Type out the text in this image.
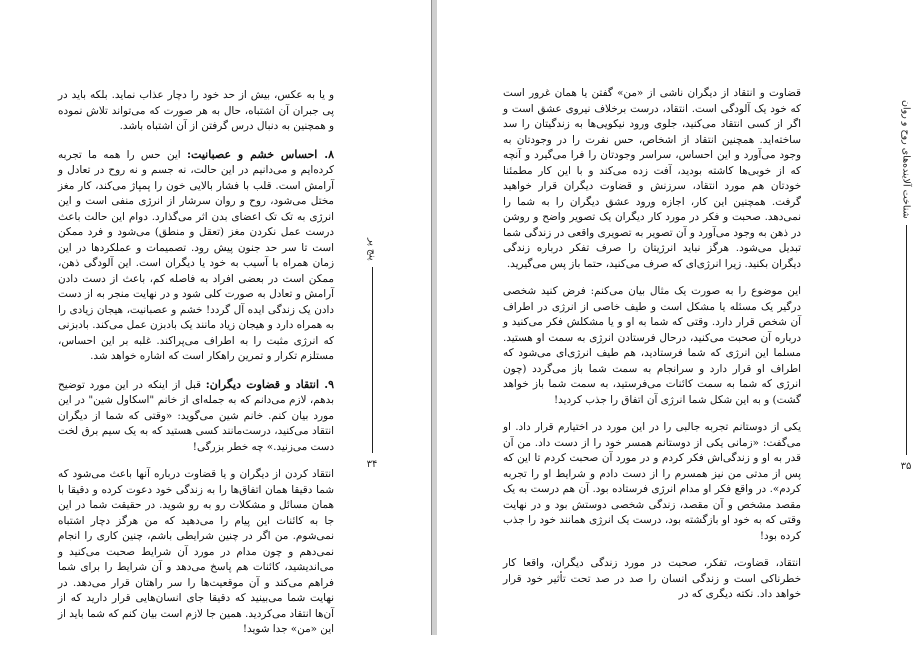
و یا به عکس، بیش از حد خود را دچار عذاب نماید. بلکه باید در پی جبران آن اشتباه، حال به هر صورت که می‌تواند تلاش نموده و همچنین به دنبال درس گرفتن از آن اشتباه باشد.

۸. احساس خشم و عصبانیت: این حس را همه ما تجربه کرده‌ایم و می‌دانیم در این حالت، نه جسم و نه روح در تعادل و آرامش است. قلب با فشار بالایی خون را پمپاژ می‌کند، کار مغز مختل می‌شود، روح و روان سرشار از انرژی منفی است و این انرژی به تک تک اعضای بدن اثر می‌گذارد. دوام این حالت باعث درست عمل نکردن مغز (تعقل و منطق) می‌شود و فرد ممکن است تا سر حد جنون پیش رود. تصمیمات و عملکردها در این زمان همراه با آسیب به خود یا دیگران است. این آلودگی ذهن، ممکن است در بعضی افراد به فاصله کم، باعث از دست دادن آرامش و تعادل به صورت کلی شود و در نهایت منجر به از دست دادن یک زندگی ایده آل گردد! خشم و عصبانیت، هیجان زیادی را به همراه دارد و هیجان زیاد مانند یک بادبزن عمل می‌کند. بادبزنی که انرژی مثبت را به اطراف می‌پراکند. غلبه بر این احساس، مستلزم تکرار و تمرین راهکار است که اشاره خواهد شد.

۹. انتقاد و قضاوت دیگران: قبل از اینکه در این مورد توضیح بدهم، لازم می‌دانم که به جمله‌ای از خانم "اسکاول شین" در این مورد بیان کنم. خانم شین می‌گوید: «وقتی که شما از دیگران انتقاد می‌کنید، درست‌مانند کسی هستید که به یک سیم برق لخت دست می‌زنید.» چه خطر بزرگی!

انتقاد کردن از دیگران و یا قضاوت درباره آنها باعث می‌شود که شما دقیقا همان اتفاق‌ها را به زندگی خود دعوت کرده و دقیقا با همان مسائل و مشکلات رو به رو شوید. در حقیقت شما در این جا به کائنات این پیام را می‌دهید که من هرگز دچار اشتباه نمی‌شوم. من اگر در چنین شرایطی باشم، چنین کاری را انجام نمی‌دهم و چون مدام در مورد آن شرایط صحبت می‌کنید و می‌اندیشید، کائنات هم پاسخ می‌دهد و آن شرایط را برای شما فراهم می‌کند و آن موقعیت‌ها را سر راهتان قرار می‌دهد. در نهایت شما می‌بینید که دقیقا جای انسان‌هایی قرار دارید که از آن‌ها انتقاد می‌کردید. همین جا لازم است بیان کنم که شما باید از این «من» جدا شوید!

پنج پر
۳۴
شناخت آلاینده‌های روح و روان
۳۵

قضاوت و انتقاد از دیگران ناشی از «من» گفتن یا همان غرور است که خود یک آلودگی است. انتقاد، درست برخلاف نیروی عشق است و اگر از کسی انتقاد می‌کنید، جلوی ورود نیکویی‌ها به زندگیتان را سد ساخته‌اید. همچنین انتقاد از اشخاص، حس نفرت را در وجودتان به وجود می‌آورد و این احساس، سراسر وجودتان را فرا می‌گیرد و آنچه که از خوبی‌ها کاشته بودید، آفت زده می‌کند و با این کار مطمئنا خودتان هم مورد انتقاد، سرزنش و قضاوت دیگران قرار خواهید گرفت. همچنین این کار، اجازه ورود عشق دیگران را به شما را نمی‌دهد. صحبت و فکر در مورد کار دیگران یک تصویر واضح و روشن در ذهن به وجود می‌آورد و آن تصویر به تصویری واقعی در زندگی شما تبدیل می‌شود. هرگز نباید انرژیتان را صرف تفکر درباره زندگی دیگران بکنید. زیرا انرژی‌ای که صرف می‌کنید، حتما باز پس می‌گیرید.

این موضوع را به صورت یک مثال بیان می‌کنم: فرض کنید شخصی درگیر یک مسئله یا مشکل است و طیف خاصی از انرژی در اطراف آن شخص قرار دارد. وقتی که شما به او و یا مشکلش فکر می‌کنید و درباره آن صحبت می‌کنید، درحال فرستادن انرژی به سمت او هستید. مسلما این انرژی که شما فرستادید، هم طیف انرژی‌ای می‌شود که اطراف او قرار دارد و سرانجام به سمت شما باز می‌گردد (چون انرژی که شما به سمت کائنات می‌فرستید، به سمت شما باز خواهد گشت) و به این شکل شما انرژی آن اتفاق را جذب کردید!

یکی از دوستانم تجربه جالبی را در این مورد در اختیارم قرار داد. او می‌گفت: «زمانی یکی از دوستانم همسر خود را از دست داد. من آن قدر به او و زندگی‌اش فکر کردم و در مورد آن صحبت کردم تا این که پس از مدتی من نیز همسرم را از دست دادم و شرایط او را تجربه کردم». در واقع فکر او مدام انرژی فرستاده بود. آن هم درست به یک مقصد مشخص و آن مقصد، زندگی شخصی دوستش بود و در نهایت وقتی که به خود او بازگشته بود، درست یک انرژی همانند خود را جذب کرده بود!

انتقاد، قضاوت، تفکر، صحبت در مورد زندگی دیگران، واقعا کار خطرناکی است و زندگی انسان را صد در صد تحت تأثیر خود قرار خواهد داد. نکته دیگری که در
